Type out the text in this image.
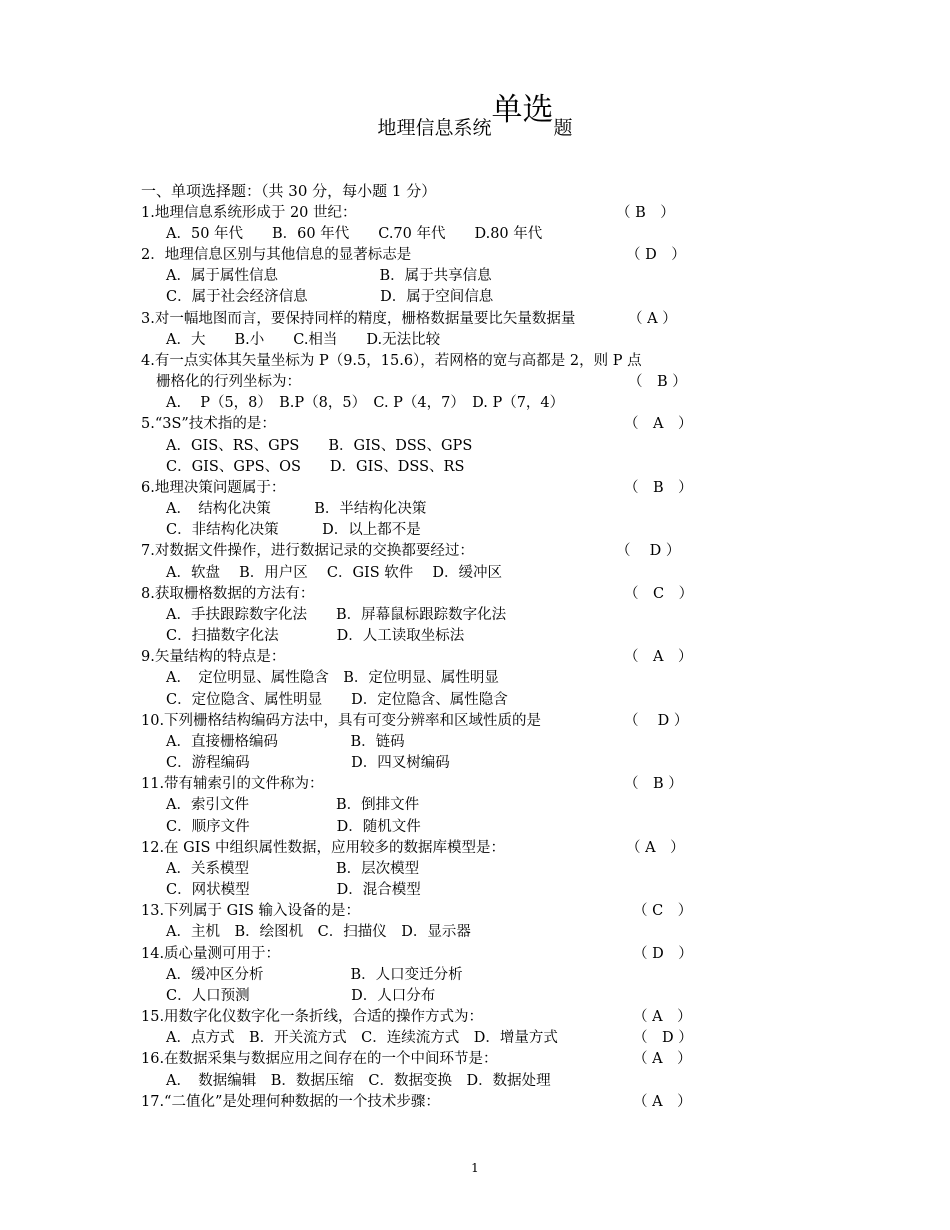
地理信息系统单选题
一、单项选择题：（共 30 分，每小题 1 分）
1.地理信息系统形成于 20 世纪：
A．50 年代　　B．60 年代　　C.70 年代　　D.80 年代
2．地理信息区别与其他信息的显著标志是
A．属于属性信息　　　　　　　B．属于共享信息
C．属于社会经济信息　　　　　D．属于空间信息
3.对一幅地图而言，要保持同样的精度，栅格数据量要比矢量数据量
A．大　　B.小　　C.相当　　D.无法比较
4.有一点实体其矢量坐标为 P（9.5，15.6），若网格的宽与高都是 2，则 P 点
栅格化的行列坐标为：
A.　 P（5，8）　B.P（8，5）　C. P（4，7）　D. P（7，4）
5.“3S”技术指的是：
A．GIS、RS、GPS　　B．GIS、DSS、GPS
C．GIS、GPS、OS　　D．GIS、DSS、RS
6.地理决策问题属于：
A．　结构化决策　　　B．半结构化决策
C．非结构化决策　　　D．以上都不是
7.对数据文件操作，进行数据记录的交换都要经过：
A．软盘　 B．用户区　 C．GIS 软件　 D．缓冲区
8.获取栅格数据的方法有：
A．手扶跟踪数字化法　　B．屏幕鼠标跟踪数字化法
C．扫描数字化法　　　　D．人工读取坐标法
9.矢量结构的特点是：
A．　定位明显、属性隐含　B．定位明显、属性明显
C．定位隐含、属性明显　　D．定位隐含、属性隐含
10.下列栅格结构编码方法中，具有可变分辨率和区域性质的是
A．直接栅格编码　　　　　B．链码
C．游程编码　　　　　　　D．四叉树编码
11.带有辅索引的文件称为：
A．索引文件　　　　　　B．倒排文件
C．顺序文件　　　　　　D．随机文件
12.在 GIS 中组织属性数据，应用较多的数据库模型是：
A．关系模型　　　　　　B．层次模型
C．网状模型　　　　　　D．混合模型
13.下列属于 GIS 输入设备的是：
A．主机　B．绘图机　C．扫描仪　D．显示器
14.质心量测可用于：
A．缓冲区分析　　　　　　B．人口变迁分析
C．人口预测　　　　　　　D．人口分布
15.用数字化仪数字化一条折线，合适的操作方式为：
A．点方式　B．开关流方式　C．连续流方式　D．增量方式
16.在数据采集与数据应用之间存在的一个中间环节是：
A．　数据编辑　B．数据压缩　C．数据变换　D．数据处理
17.“二值化”是处理何种数据的一个技术步骤：
（ B　）
（ D　）
（ A ）
（　B ）
（　A　）
（　B　）
（　 D ）
（　C　）
（　A　）
（　 D ）
（　B ）
（ A　）
（ C　）
（ D　）
（ A　）
（　D ）
（ A　）
（ A　）
1
